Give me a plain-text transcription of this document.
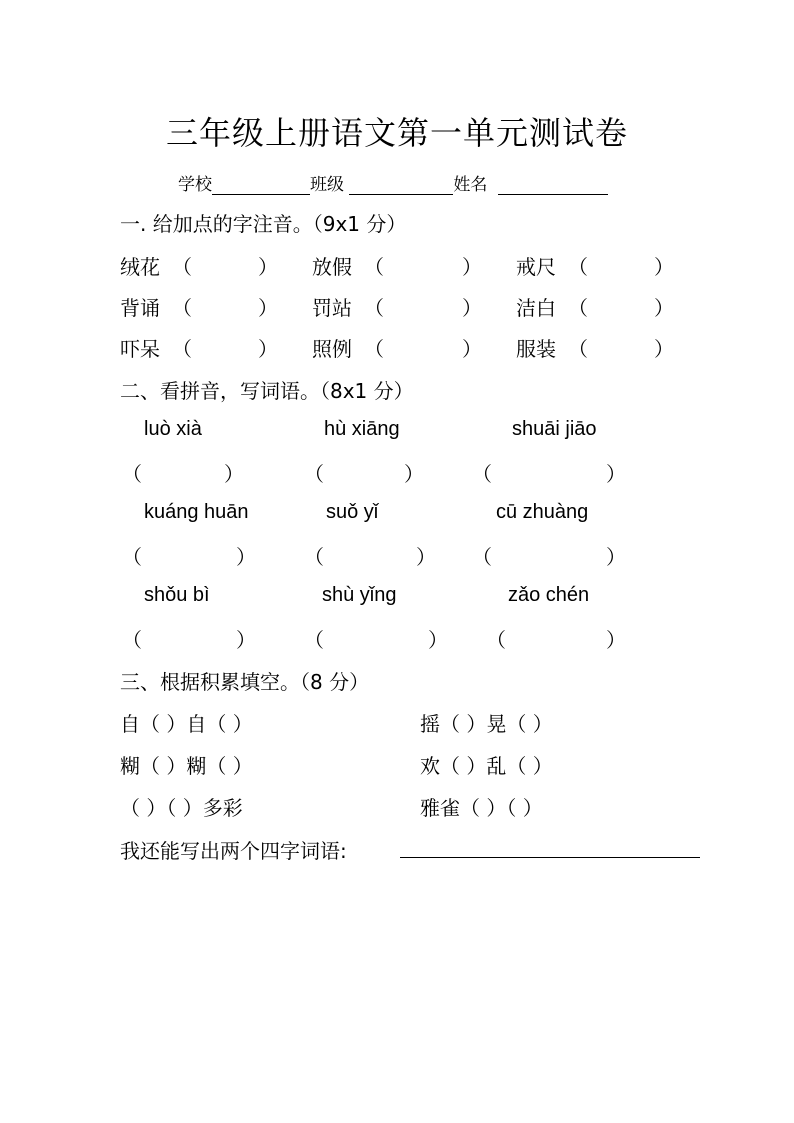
三年级上册语文第一单元测试卷
学校	班级	姓名
一. 给加点的字注音。（9x1 分）
绒花 （	） 放假 （	） 戒尺 （	）
背诵 （	） 罚站 （	） 洁白 （	）
吓呆 （	） 照例 （	） 服装 （	）
二、看拼音，写词语。（8x1 分）
luò xià	hù xiāng	shuāi jiāo
（	）	（	） （	）
kuáng huān	suǒ yǐ	cū zhuàng
（	） （	） （	）
shǒu bì	shù yǐng	zǎo chén
（	） （	） （	）
三、根据积累填空。（8 分）
自（ ）自（ ）	摇（ ）晃（ ）
糊（ ）糊（ ）	欢（ ）乱（ ）
（ ）（ ）多彩	雅雀（ ）（ ）
我还能写出两个四字词语:
